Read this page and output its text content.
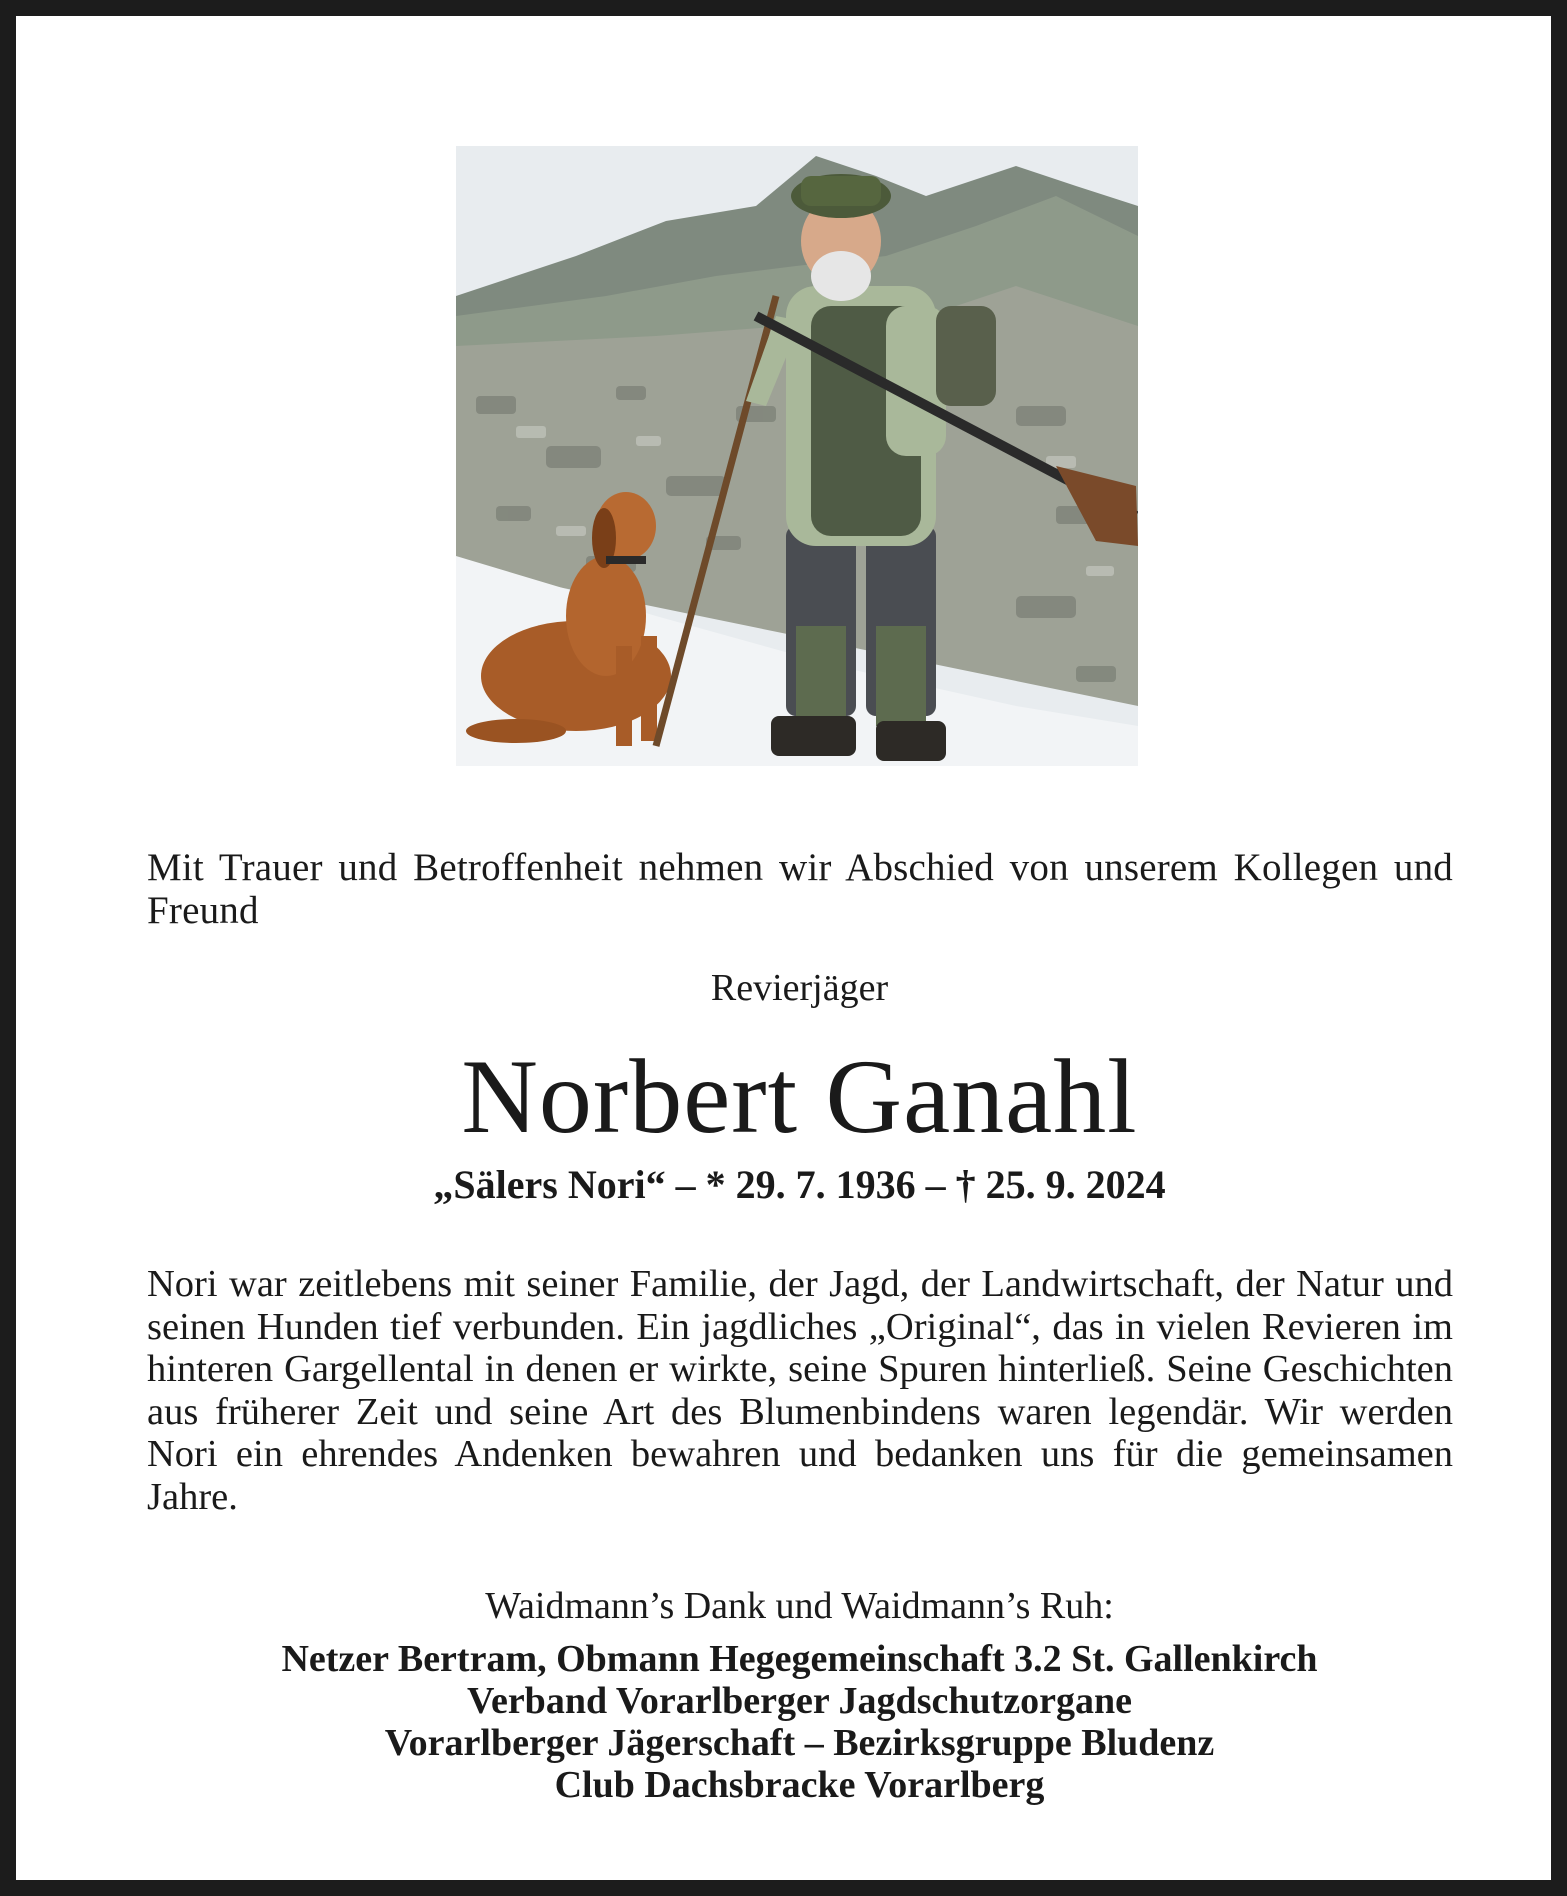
Mit Trauer und Betroffenheit nehmen wir Abschied von unserem Kollegen und Freund
Revierjäger
Norbert Ganahl
„Sälers Nori“ – * 29. 7. 1936 – † 25. 9. 2024
Nori war zeitlebens mit seiner Familie, der Jagd, der Landwirtschaft, der Natur und seinen Hunden tief verbunden. Ein jagdliches „Original“, das in vielen Revieren im hinteren Gargellental in denen er wirkte, seine Spuren hinterließ. Seine Geschichten aus früherer Zeit und seine Art des Blumenbindens waren legendär. Wir werden Nori ein ehrendes Andenken bewahren und bedanken uns für die gemeinsamen Jahre.
Waidmann’s Dank und Waidmann’s Ruh:
Netzer Bertram, Obmann Hegegemeinschaft 3.2 St. Gallenkirch
Verband Vorarlberger Jagdschutzorgane
Vorarlberger Jägerschaft – Bezirksgruppe Bludenz
Club Dachsbracke Vorarlberg
